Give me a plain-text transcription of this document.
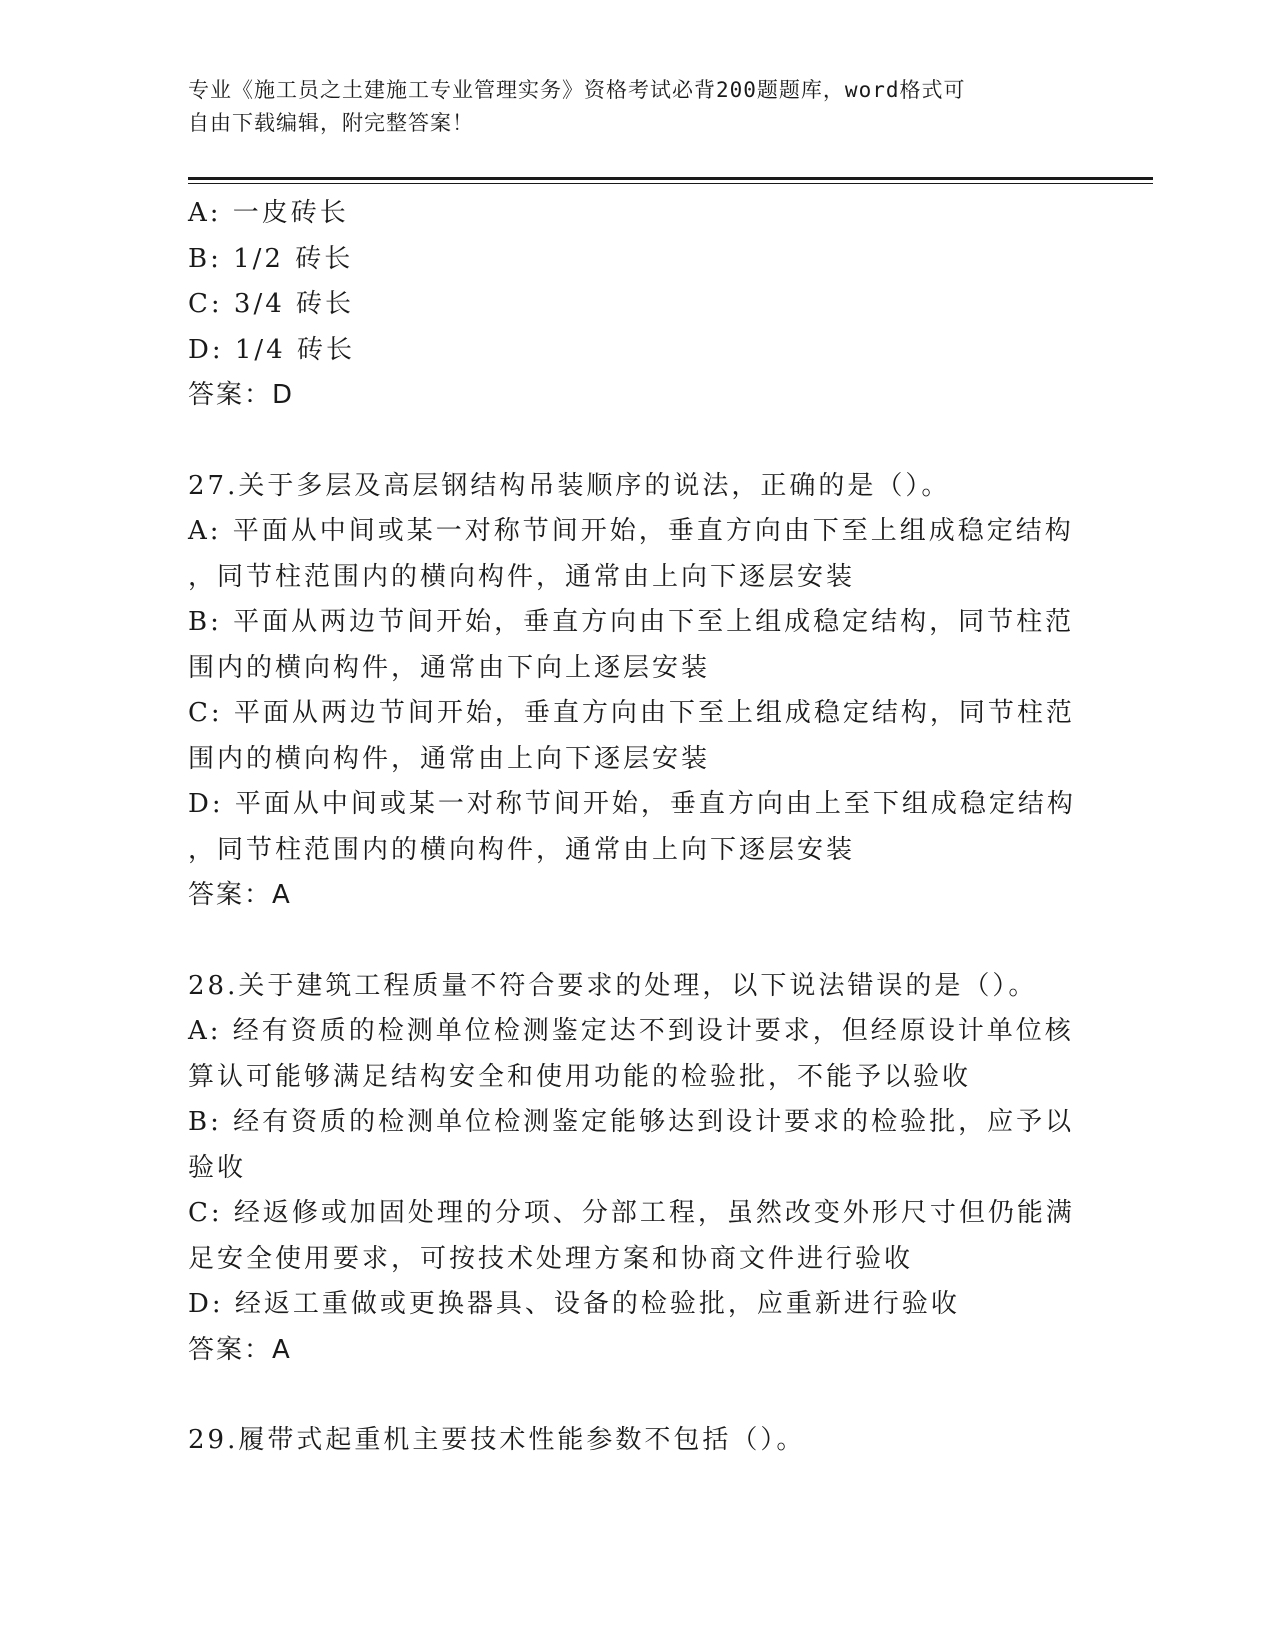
专业《施工员之土建施工专业管理实务》资格考试必背200题题库，word格式可
自由下载编辑，附完整答案！
A: 一皮砖长
B: 1/2 砖长
C: 3/4 砖长
D: 1/4 砖长
答案：D
27.关于多层及高层钢结构吊装顺序的说法，正确的是（）。
A: 平面从中间或某一对称节间开始，垂直方向由下至上组成稳定结构
，同节柱范围内的横向构件，通常由上向下逐层安装
B: 平面从两边节间开始，垂直方向由下至上组成稳定结构，同节柱范
围内的横向构件，通常由下向上逐层安装
C: 平面从两边节间开始，垂直方向由下至上组成稳定结构，同节柱范
围内的横向构件，通常由上向下逐层安装
D: 平面从中间或某一对称节间开始，垂直方向由上至下组成稳定结构
，同节柱范围内的横向构件，通常由上向下逐层安装
答案：A
28.关于建筑工程质量不符合要求的处理，以下说法错误的是（）。
A: 经有资质的检测单位检测鉴定达不到设计要求，但经原设计单位核
算认可能够满足结构安全和使用功能的检验批，不能予以验收
B: 经有资质的检测单位检测鉴定能够达到设计要求的检验批，应予以
验收
C: 经返修或加固处理的分项、分部工程，虽然改变外形尺寸但仍能满
足安全使用要求，可按技术处理方案和协商文件进行验收
D: 经返工重做或更换器具、设备的检验批，应重新进行验收
答案：A
29.履带式起重机主要技术性能参数不包括（）。
